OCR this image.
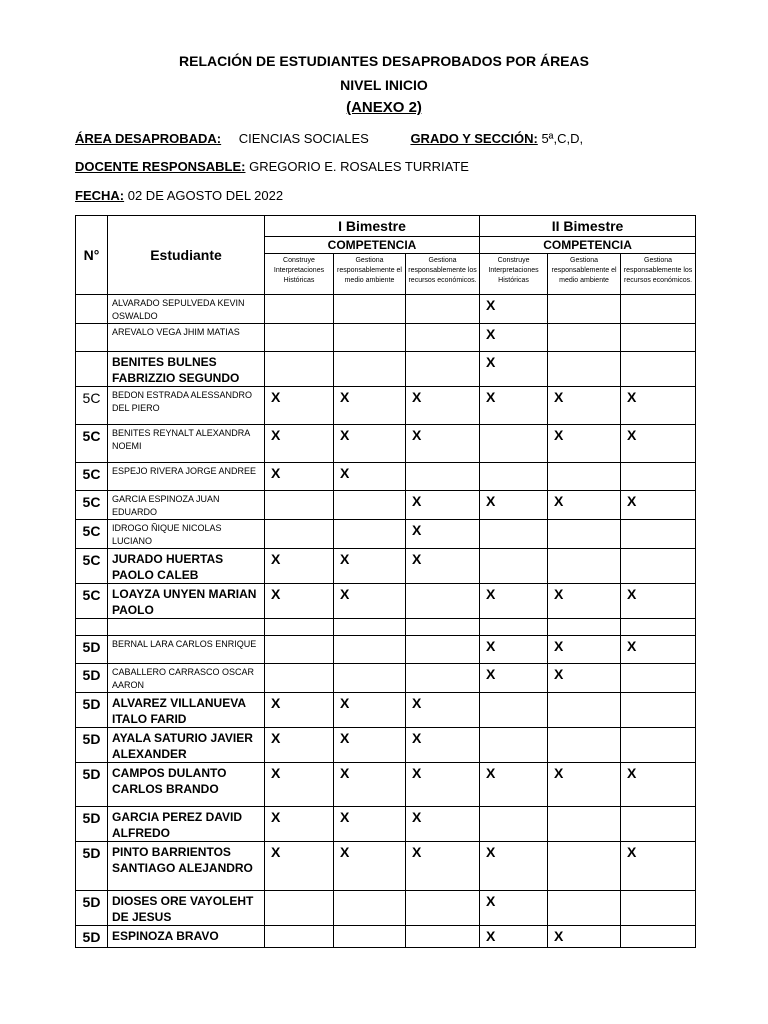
RELACIÓN DE ESTUDIANTES DESAPROBADOS POR ÁREAS
NIVEL INICIO
(ANEXO 2)
ÁREA DESAPROBADA: CIENCIAS SOCIALES	GRADO Y SECCIÓN: 5ª,C,D,
DOCENTE RESPONSABLE: GREGORIO E. ROSALES TURRIATE
FECHA: 02 DE AGOSTO DEL 2022
N°	Estudiante	I Bimestre			II Bimestre		
		COMPETENCIA			COMPETENCIA		
		Construye Interpretaciones Históricas	Gestiona responsablemente el medio ambiente	Gestiona responsablemente los recursos económicos.	Construye Interpretaciones Históricas	Gestiona responsablemente el medio ambiente	Gestiona responsablemente los recursos económicos.
	ALVARADO SEPULVEDA KEVIN OSWALDO				X		
	AREVALO VEGA JHIM MATIAS				X		
	BENITES BULNES FABRIZZIO SEGUNDO				X		
5C	BEDON ESTRADA ALESSANDRO DEL PIERO	X	X	X	X	X	X
5C	BENITES REYNALT ALEXANDRA NOEMI	X	X	X		X	X
5C	ESPEJO RIVERA JORGE ANDREE	X	X				
5C	GARCIA ESPINOZA JUAN EDUARDO			X	X	X	X
5C	IDROGO ÑIQUE NICOLAS LUCIANO			X			
5C	JURADO HUERTAS PAOLO CALEB	X	X	X			
5C	LOAYZA UNYEN MARIAN PAOLO	X	X		X	X	X

5D	BERNAL LARA CARLOS ENRIQUE				X	X	X
5D	CABALLERO CARRASCO OSCAR AARON				X	X	
5D	ALVAREZ VILLANUEVA ITALO FARID	X	X	X			
5D	AYALA SATURIO JAVIER ALEXANDER	X	X	X			
5D	CAMPOS DULANTO CARLOS BRANDO	X	X	X	X	X	X
5D	GARCIA PEREZ DAVID ALFREDO	X	X	X			
5D	PINTO BARRIENTOS SANTIAGO ALEJANDRO	X	X	X	X		X
5D	DIOSES ORE VAYOLEHT DE JESUS				X		
5D	ESPINOZA BRAVO				X	X	
